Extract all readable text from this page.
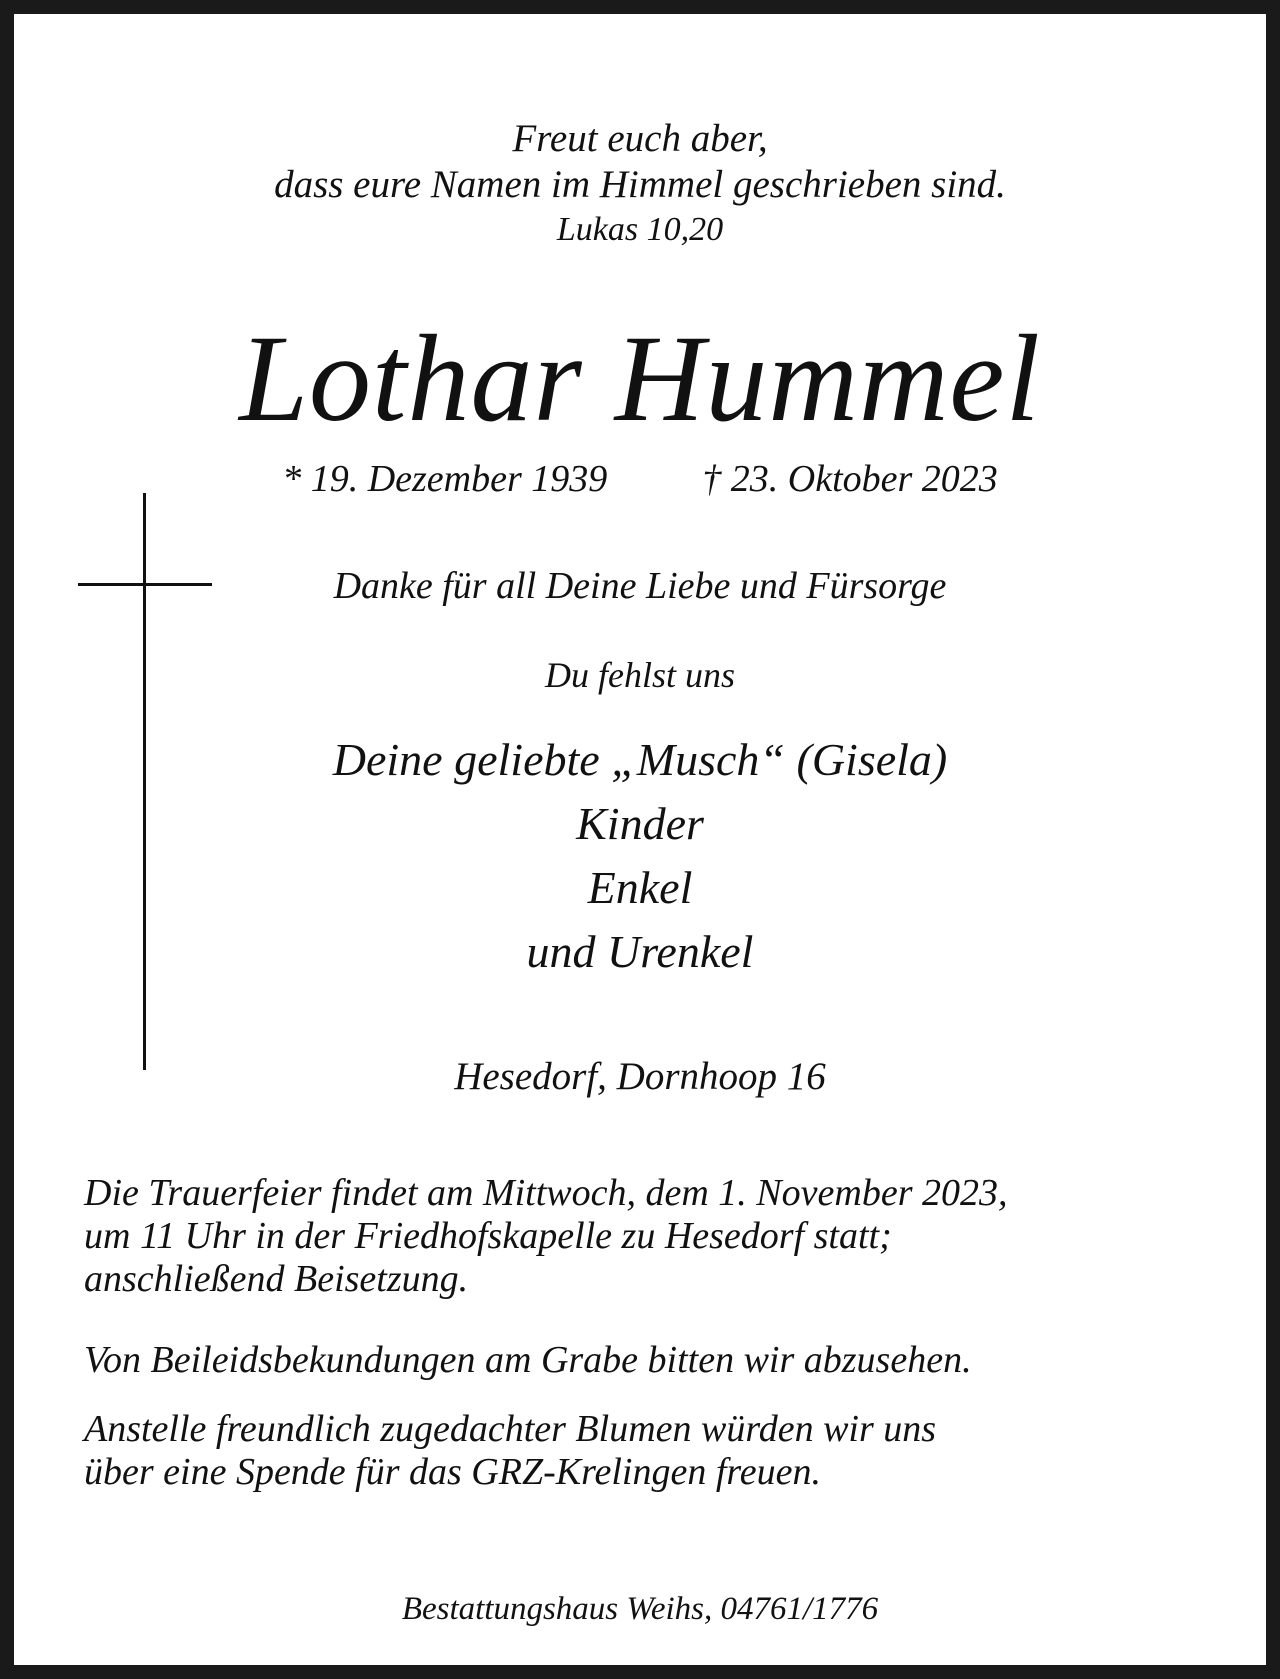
Freut euch aber,
dass eure Namen im Himmel geschrieben sind.
Lukas 10,20
Lothar Hummel
* 19. Dezember 1939	† 23. Oktober 2023
Danke für all Deine Liebe und Fürsorge
Du fehlst uns
Deine geliebte „Musch“ (Gisela)
Kinder
Enkel
und Urenkel
Hesedorf, Dornhoop 16
Die Trauerfeier findet am Mittwoch, dem 1. November 2023,
um 11 Uhr in der Friedhofskapelle zu Hesedorf statt;
anschließend Beisetzung.
Von Beileidsbekundungen am Grabe bitten wir abzusehen.
Anstelle freundlich zugedachter Blumen würden wir uns
über eine Spende für das GRZ-Krelingen freuen.
Bestattungshaus Weihs, 04761/1776
